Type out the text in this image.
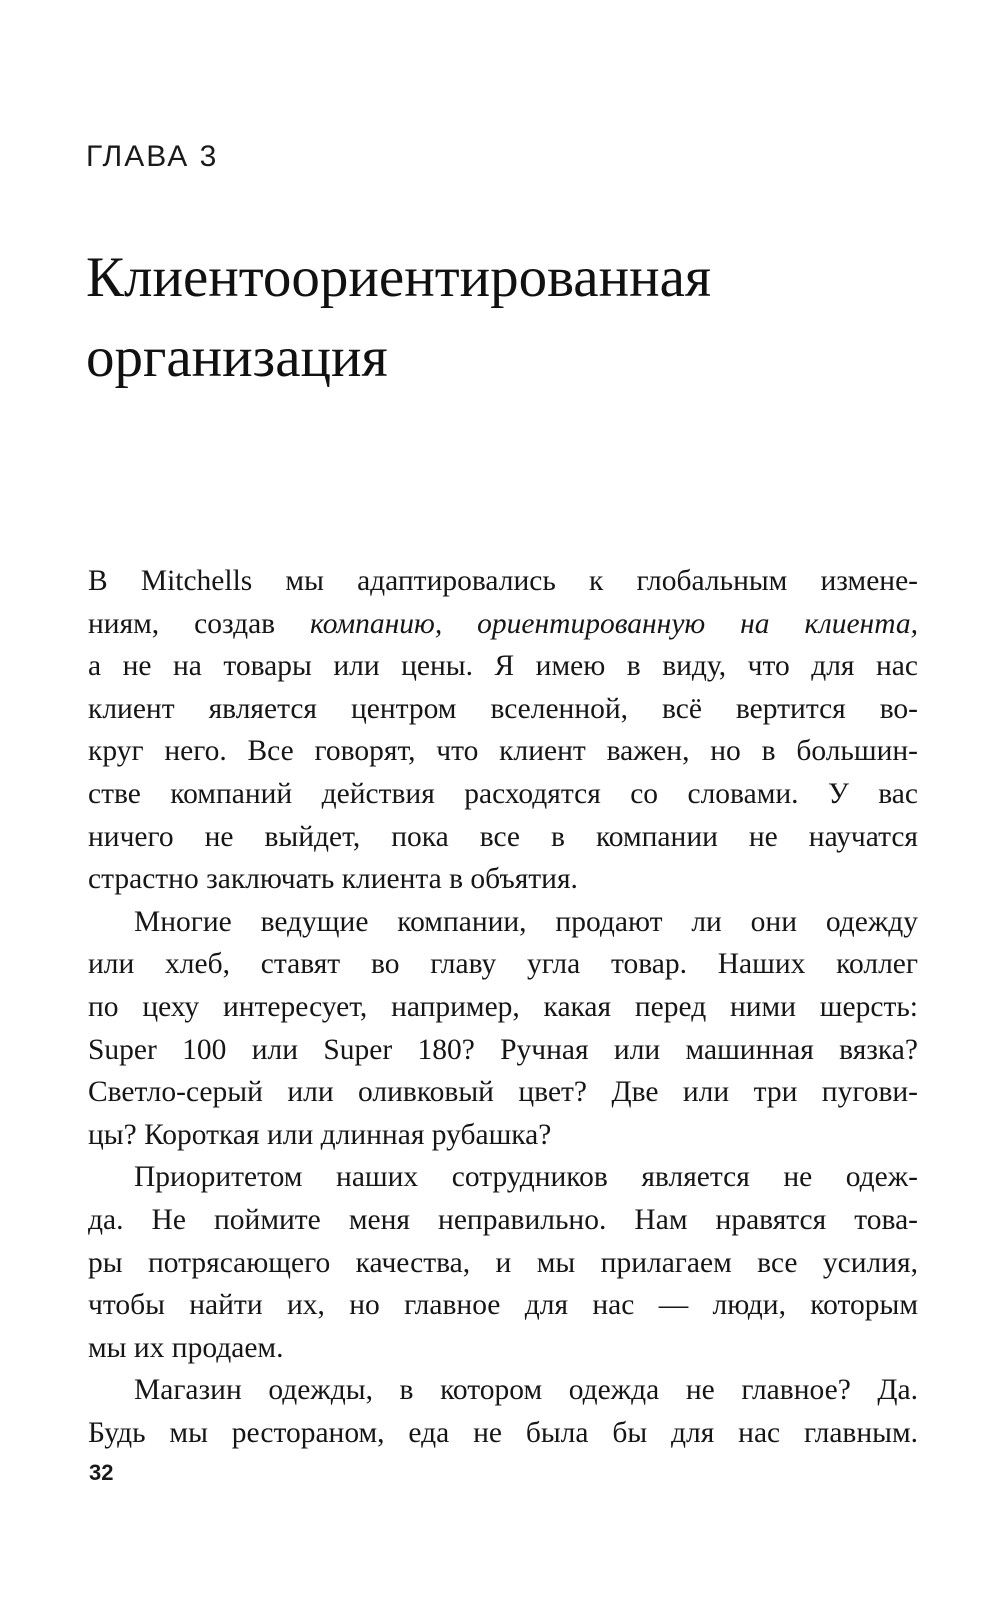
ГЛАВА 3
Клиентоориентированная
организация
В Mitchells мы адаптировались к глобальным измене-
ниям, создав компанию, ориентированную на клиента,
а не на товары или цены. Я имею в виду, что для нас
клиент является центром вселенной, всё вертится во-
круг него. Все говорят, что клиент важен, но в большин-
стве компаний действия расходятся со словами. У вас
ничего не выйдет, пока все в компании не научатся
страстно заключать клиента в объятия.
Многие ведущие компании, продают ли они одежду
или хлеб, ставят во главу угла товар. Наших коллег
по цеху интересует, например, какая перед ними шерсть:
Super 100 или Super 180? Ручная или машинная вязка?
Светло-серый или оливковый цвет? Две или три пугови-
цы? Короткая или длинная рубашка?
Приоритетом наших сотрудников является не одеж-
да. Не поймите меня неправильно. Нам нравятся това-
ры потрясающего качества, и мы прилагаем все усилия,
чтобы найти их, но главное для нас — люди, которым
мы их продаем.
Магазин одежды, в котором одежда не главное? Да.
Будь мы рестораном, еда не была бы для нас главным.
32
